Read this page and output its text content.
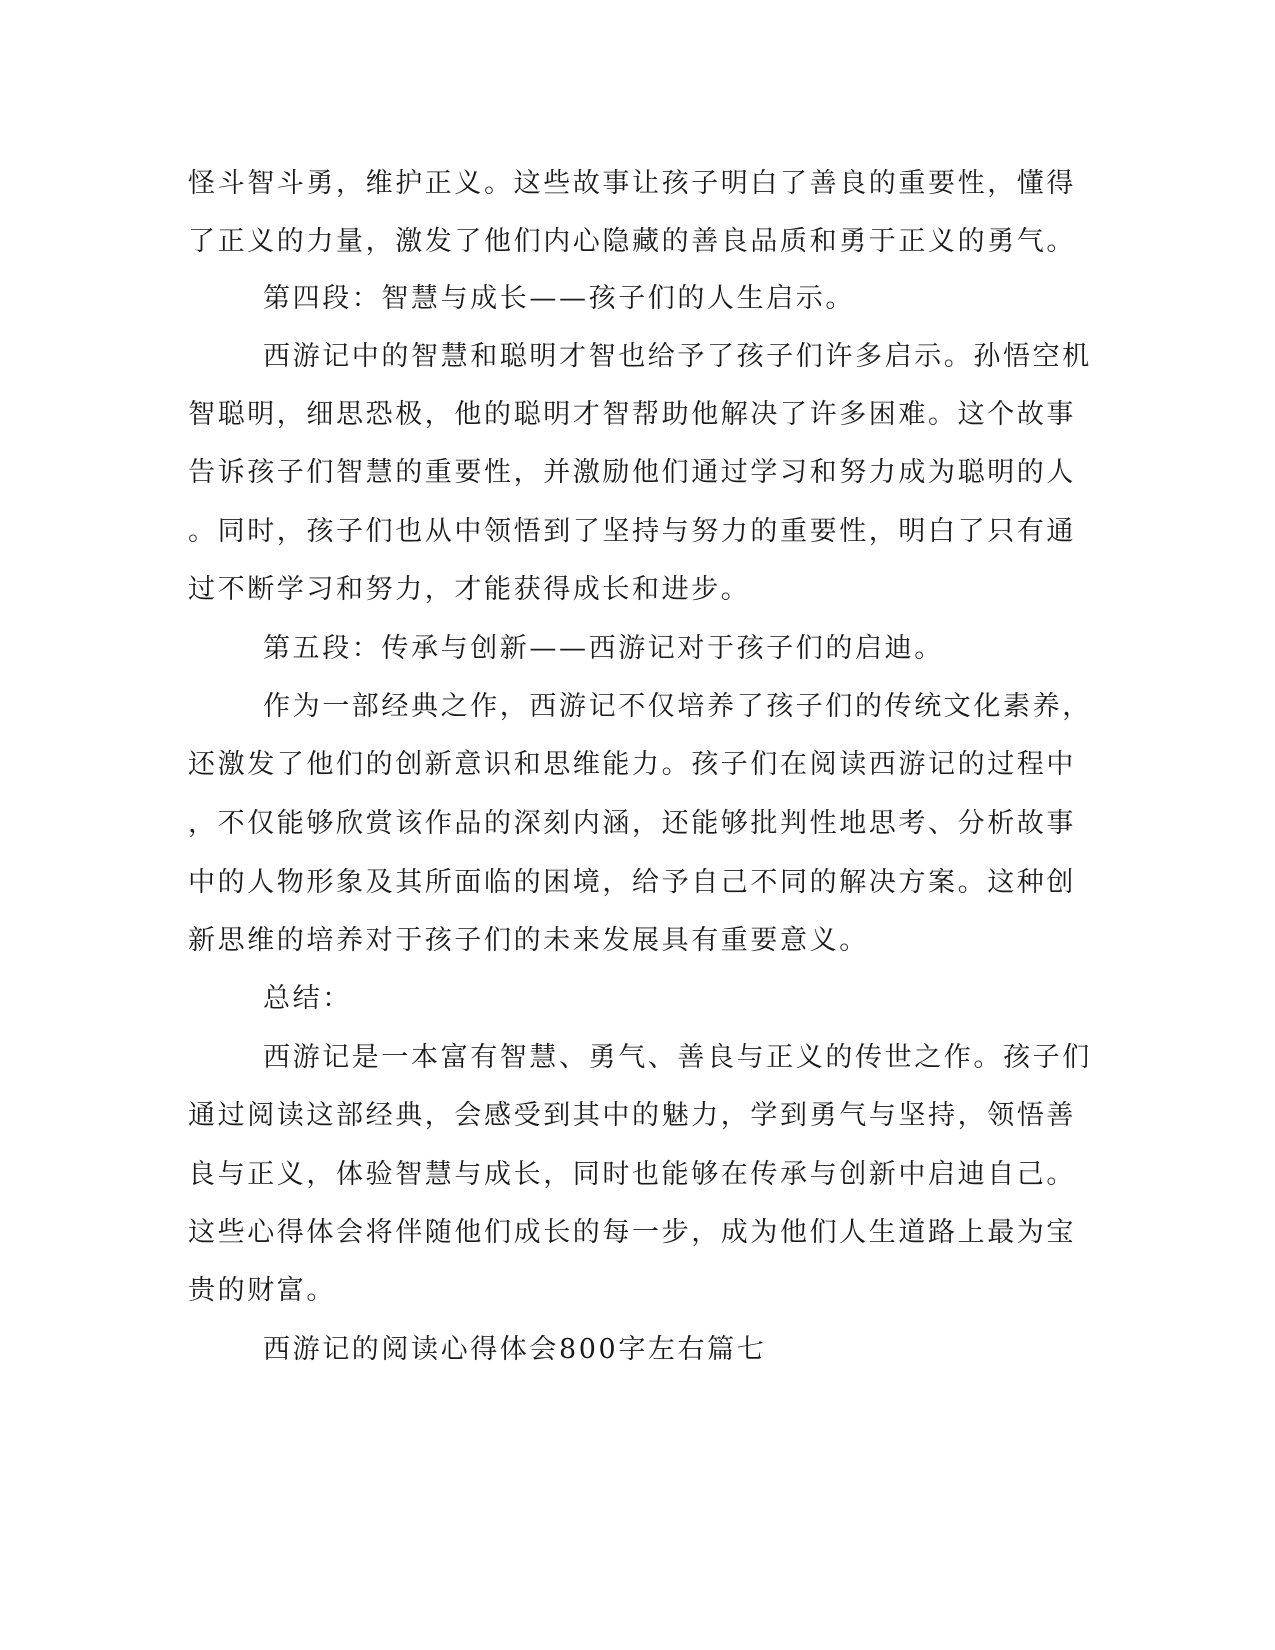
怪斗智斗勇，维护正义。这些故事让孩子明白了善良的重要性，懂得

了正义的力量，激发了他们内心隐藏的善良品质和勇于正义的勇气。

第四段：智慧与成长——孩子们的人生启示。

西游记中的智慧和聪明才智也给予了孩子们许多启示。孙悟空机

智聪明，细思恐极，他的聪明才智帮助他解决了许多困难。这个故事

告诉孩子们智慧的重要性，并激励他们通过学习和努力成为聪明的人

。同时，孩子们也从中领悟到了坚持与努力的重要性，明白了只有通

过不断学习和努力，才能获得成长和进步。

第五段：传承与创新——西游记对于孩子们的启迪。

作为一部经典之作，西游记不仅培养了孩子们的传统文化素养，

还激发了他们的创新意识和思维能力。孩子们在阅读西游记的过程中

，不仅能够欣赏该作品的深刻内涵，还能够批判性地思考、分析故事

中的人物形象及其所面临的困境，给予自己不同的解决方案。这种创

新思维的培养对于孩子们的未来发展具有重要意义。

总结：

西游记是一本富有智慧、勇气、善良与正义的传世之作。孩子们

通过阅读这部经典，会感受到其中的魅力，学到勇气与坚持，领悟善

良与正义，体验智慧与成长，同时也能够在传承与创新中启迪自己。

这些心得体会将伴随他们成长的每一步，成为他们人生道路上最为宝

贵的财富。

西游记的阅读心得体会800字左右篇七
